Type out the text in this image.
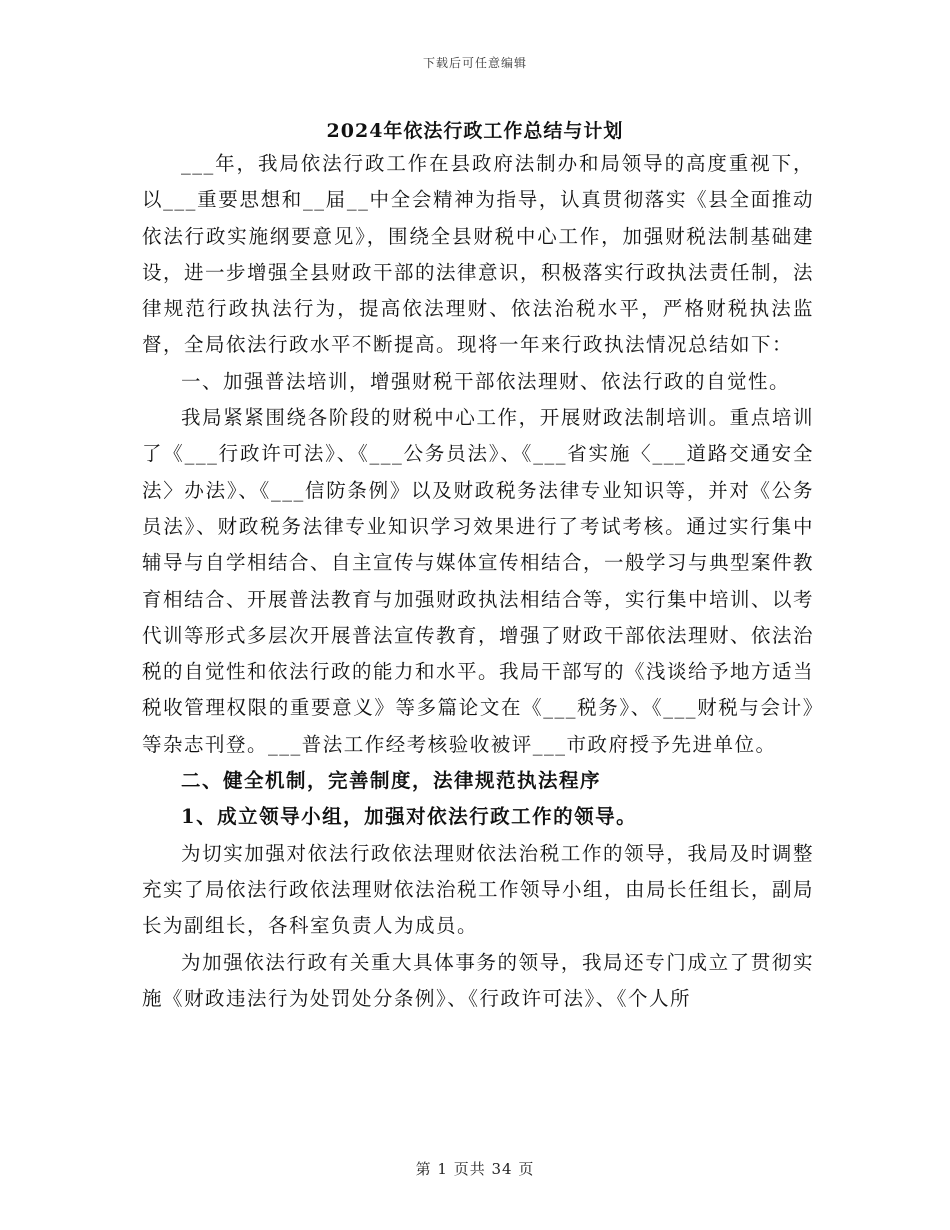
下载后可任意编辑
2024年依法行政工作总结与计划

___年，我局依法行政工作在县政府法制办和局领导的高度重视下，以___重要思想和__届__中全会精神为指导，认真贯彻落实《县全面推动依法行政实施纲要意见》，围绕全县财税中心工作，加强财税法制基础建设，进一步增强全县财政干部的法律意识，积极落实行政执法责任制，法律规范行政执法行为，提高依法理财、依法治税水平，严格财税执法监督，全局依法行政水平不断提高。现将一年来行政执法情况总结如下：

一、加强普法培训，增强财税干部依法理财、依法行政的自觉性。

我局紧紧围绕各阶段的财税中心工作，开展财政法制培训。重点培训了《___行政许可法》、《___公务员法》、《___省实施〈___道路交通安全法〉办法》、《___信防条例》以及财政税务法律专业知识等，并对《公务员法》、财政税务法律专业知识学习效果进行了考试考核。通过实行集中辅导与自学相结合、自主宣传与媒体宣传相结合，一般学习与典型案件教育相结合、开展普法教育与加强财政执法相结合等，实行集中培训、以考代训等形式多层次开展普法宣传教育，增强了财政干部依法理财、依法治税的自觉性和依法行政的能力和水平。我局干部写的《浅谈给予地方适当税收管理权限的重要意义》等多篇论文在《___税务》、《___财税与会计》等杂志刊登。___普法工作经考核验收被评___市政府授予先进单位。

二、健全机制，完善制度，法律规范执法程序

1、成立领导小组，加强对依法行政工作的领导。

为切实加强对依法行政依法理财依法治税工作的领导，我局及时调整充实了局依法行政依法理财依法治税工作领导小组，由局长任组长，副局长为副组长，各科室负责人为成员。

为加强依法行政有关重大具体事务的领导，我局还专门成立了贯彻实施《财政违法行为处罚处分条例》、《行政许可法》、《个人所

第 1 页共 34 页
